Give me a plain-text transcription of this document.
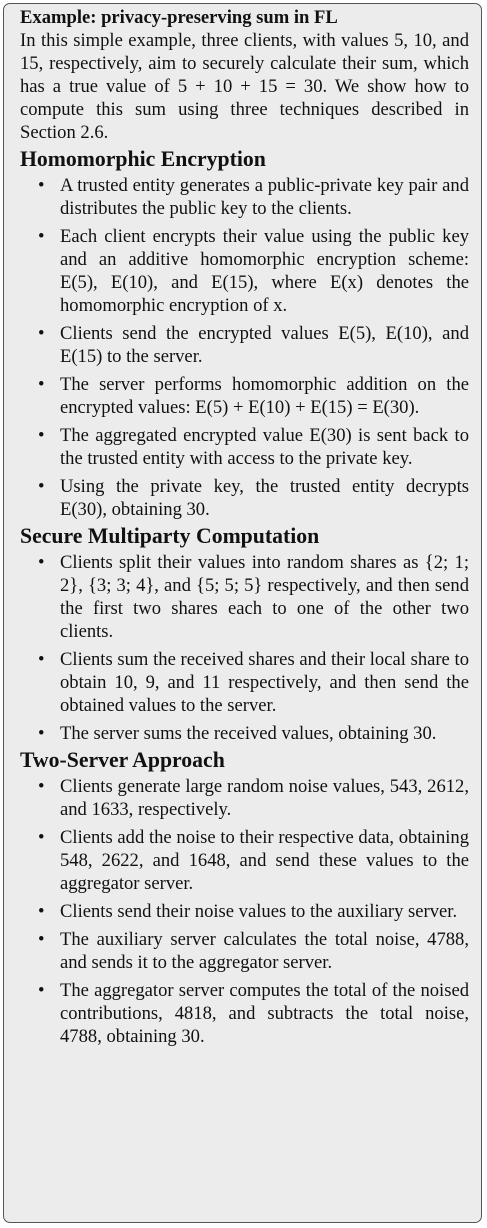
Example: privacy-preserving sum in FL

In this simple example, three clients, with values 5, 10, and 15, respectively, aim to securely calculate their sum, which has a true value of 5 + 10 + 15 = 30. We show how to compute this sum using three techniques described in Section 2.6.

Homomorphic Encryption
• A trusted entity generates a public-private key pair and distributes the public key to the clients.
• Each client encrypts their value using the public key and an additive homomorphic encryption scheme: E(5), E(10), and E(15), where E(x) denotes the homomorphic encryption of x.
• Clients send the encrypted values E(5), E(10), and E(15) to the server.
• The server performs homomorphic addition on the encrypted values: E(5) + E(10) + E(15) = E(30).
• The aggregated encrypted value E(30) is sent back to the trusted entity with access to the private key.
• Using the private key, the trusted entity decrypts E(30), obtaining 30.
Secure Multiparty Computation
• Clients split their values into random shares as {2; 1; 2}, {3; 3; 4}, and {5; 5; 5} respectively, and then send the first two shares each to one of the other two clients.
• Clients sum the received shares and their local share to obtain 10, 9, and 11 respectively, and then send the obtained values to the server.
• The server sums the received values, obtaining 30.
Two-Server Approach
• Clients generate large random noise values, 543, 2612, and 1633, respectively.
• Clients add the noise to their respective data, obtaining 548, 2622, and 1648, and send these values to the aggregator server.
• Clients send their noise values to the auxiliary server.
• The auxiliary server calculates the total noise, 4788, and sends it to the aggregator server.
• The aggregator server computes the total of the noised contributions, 4818, and subtracts the total noise, 4788, obtaining 30.
